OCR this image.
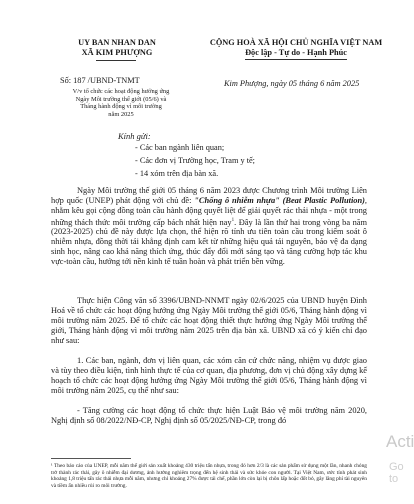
UY BAN NHAN DAN
XÃ KIM PHƯỢNG
CỘNG HOÀ XÃ HỘI CHỦ NGHĨA VIỆT NAM
Độc lập - Tự do - Hạnh Phúc
Số: 187 /UBND-TNMT
V/v tổ chức các hoạt động hưởng ứng
Ngày Môi trường thế giới (05/6) và
Tháng hành động vì môi trường
năm 2025
Kim Phượng, ngày 05 tháng 6 năm 2025
Kính gửi:
- Các ban ngành liên quan;
- Các đơn vị Trường học, Tram y tế;
- 14 xóm trên địa bàn xã.
Ngày Môi trường thế giới 05 tháng 6 năm 2023 được Chương trình Môi trường Liên hợp quốc (UNEP) phát động với chủ đề: "Chống ô nhiễm nhựa" (Beat Plastic Pollution), nhằm kêu gọi cộng đồng toàn cầu hành động quyết liệt để giải quyết rác thải nhựa - một trong những thách thức môi trường cấp bách nhất hiện nay$^1$. Đây là lần thứ hai trong vòng ba năm (2023-2025) chủ đề này được lựa chọn, thể hiện rõ tính ưu tiên toàn cầu trong kiểm soát ô nhiễm nhựa, đồng thời tái khẳng định cam kết từ những hiệu quả tái nguyên, bảo vệ đa dạng sinh học, nâng cao khả năng thích ứng, thúc đẩy đổi mới sáng tạo và tăng cường hợp tác khu vực-toàn cầu, hướng tới nền kinh tế tuần hoàn và phát triển bền vững.
Thực hiện Công văn số 3396/UBND-NNMT ngày 02/6/2025 của UBND huyện Đình Hoá về tổ chức các hoạt động hưởng ứng Ngày Môi trường thế giới 05/6, Tháng hành động vì môi trường năm 2025. Để tổ chức các hoạt động thiết thực hưởng ứng Ngày Môi trường thế giới, Tháng hành động vì môi trường năm 2025 trên địa bàn xã. UBND xã có ý kiến chỉ đạo như sau:
1. Các ban, ngành, đơn vị liên quan, các xóm căn cứ chức năng, nhiệm vụ được giao và tùy theo điều kiện, tình hình thực tế của cơ quan, địa phương, đơn vị chủ động xây dựng kế hoạch tổ chức các hoạt động hưởng ứng Ngày Môi trường thế giới 05/6, Tháng hành động vì môi trường năm 2025, cụ thể như sau:
- Tăng cường các hoạt động tổ chức thực hiện Luật Bảo vệ môi trường năm 2020, Nghị định số 08/2022/NĐ-CP, Nghị định số 05/2025/NĐ-CP, trong đó
¹ Theo báo cáo của UNEP, mỗi năm thế giới sản xuất khoảng 430 triệu tấn nhựa, trong đó hơn 2/3 là các sản phẩm sử dụng một lần, nhanh chóng trở thành rác thải, gây ô nhiễm đại dương, ảnh hưởng nghiêm trọng đến hệ sinh thái và sức khỏe con người. Tại Việt Nam, ước tính phát sinh khoảng 1,8 triệu tấn rác thải nhựa mỗi năm, nhưng chỉ khoảng 27% được tái chế, phần lớn còn lại bị chôn lấp hoặc đốt bỏ, gây lãng phí tài nguyên và tiềm ẩn nhiều rủi ro môi trường.
Acti
Go to
